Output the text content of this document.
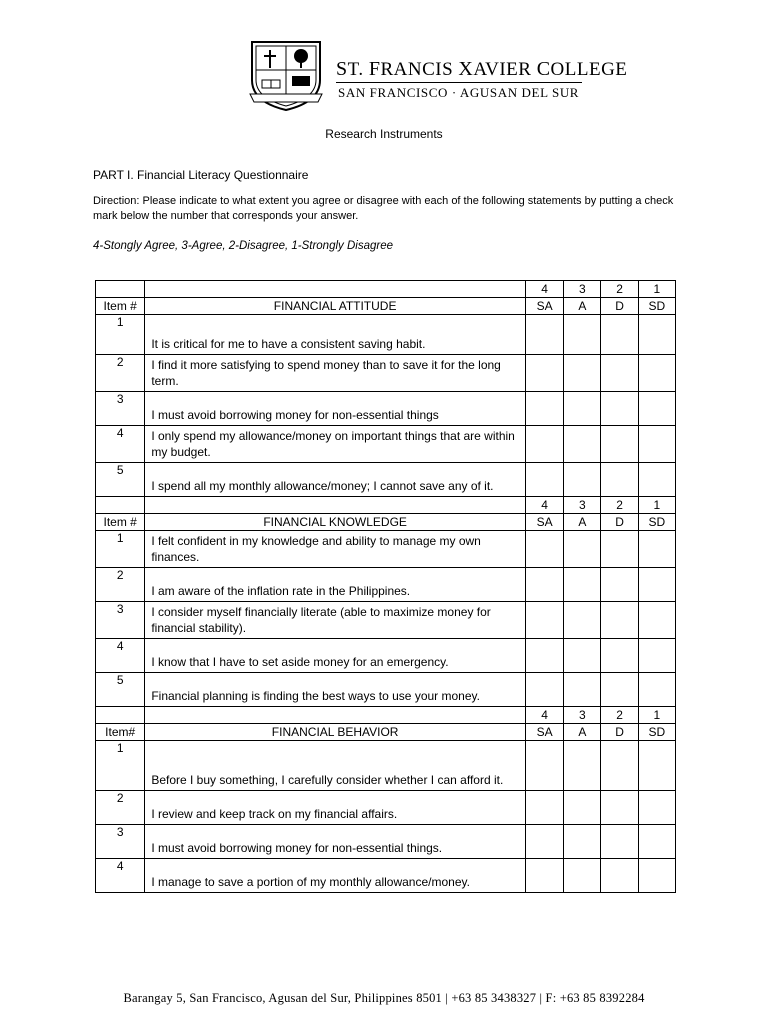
ST. FRANCIS XAVIER COLLEGE
SAN FRANCISCO · AGUSAN DEL SUR
Research Instruments
PART I. Financial Literacy Questionnaire
Direction: Please indicate to what extent you agree or disagree with each of the following statements by putting a check mark below the number that corresponds your answer.
4-Stongly Agree, 3-Agree, 2-Disagree, 1-Strongly Disagree
		4	3	2	1
Item #	FINANCIAL ATTITUDE	SA	A	D	SD
1	It is critical for me to have a consistent saving habit.				
2	I find it more satisfying to spend money than to save it for the long term.				
3	I must avoid borrowing money for non-essential things				
4	I only spend my allowance/money on important things that are within my budget.				
5	I spend all my monthly allowance/money; I cannot save any of it.				
		4	3	2	1
Item #	FINANCIAL KNOWLEDGE	SA	A	D	SD
1	I felt confident in my knowledge and ability to manage my own finances.				
2	I am aware of the inflation rate in the Philippines.				
3	I consider myself financially literate (able to maximize money for financial stability).				
4	I know that I have to set aside money for an emergency.				
5	Financial planning is finding the best ways to use your money.				
		4	3	2	1
Item#	FINANCIAL BEHAVIOR	SA	A	D	SD
1	Before I buy something, I carefully consider whether I can afford it.				
2	I review and keep track on my financial affairs.				
3	I must avoid borrowing money for non-essential things.				
4	I manage to save a portion of my monthly allowance/money.				
Barangay 5, San Francisco, Agusan del Sur, Philippines 8501 | +63 85 3438327 | F: +63 85 8392284
